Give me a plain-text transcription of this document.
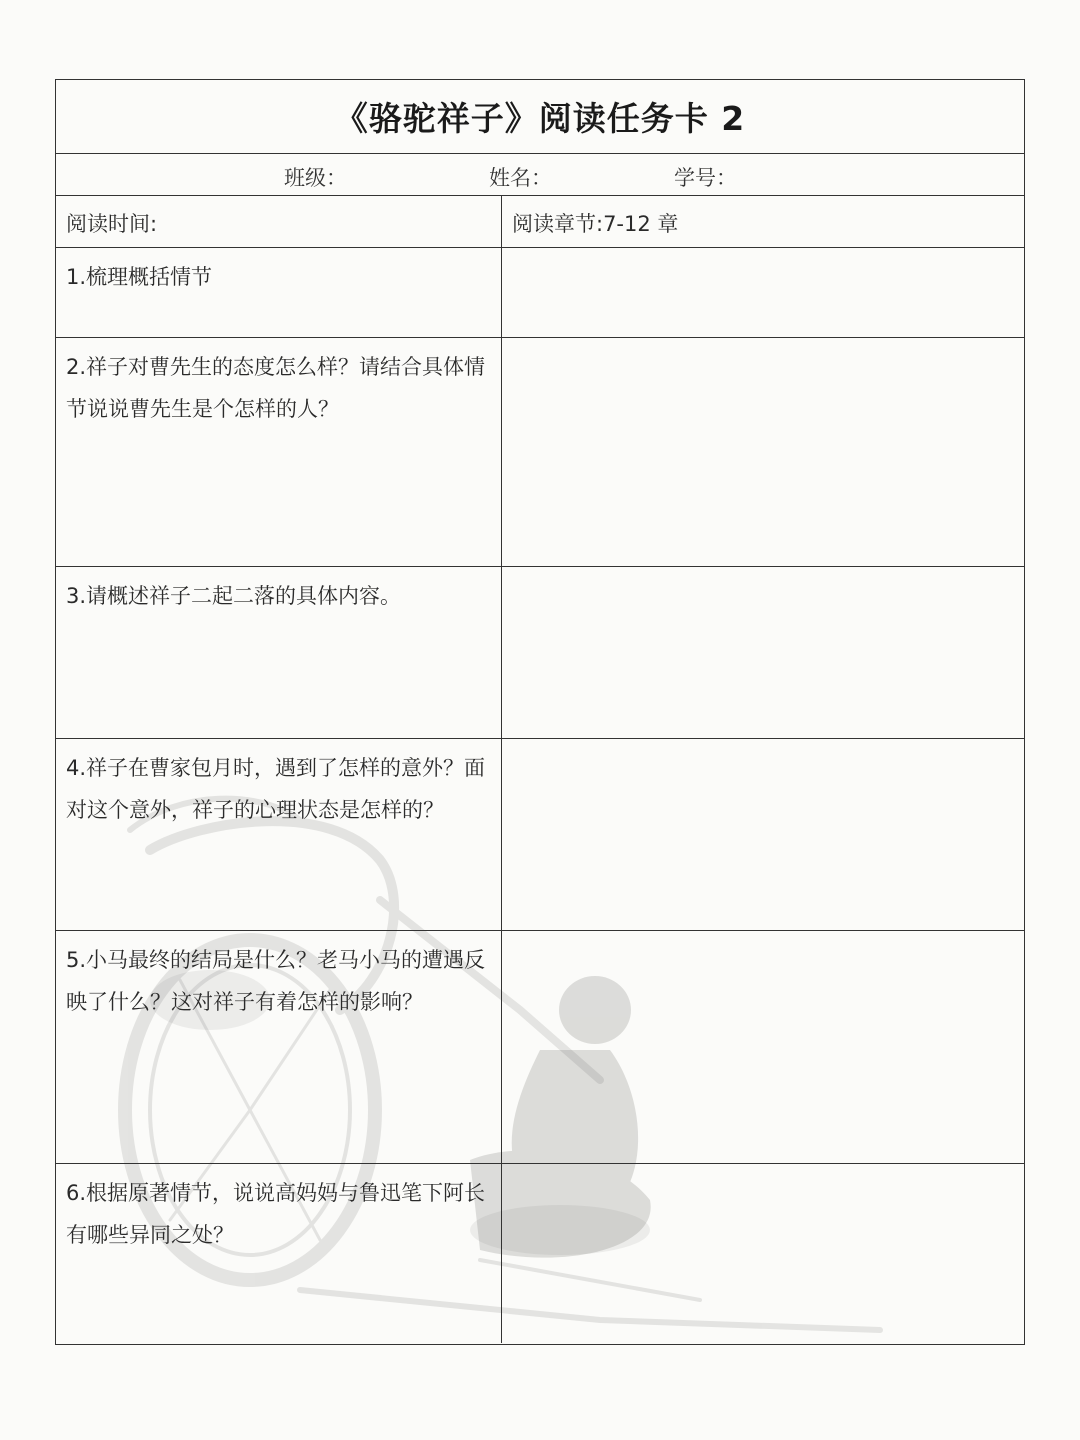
《骆驼祥子》阅读任务卡 2
班级：	姓名：	学号：
阅读时间:	阅读章节:7-12 章
1.梳理概括情节
2.祥子对曹先生的态度怎么样？请结合具体情节说说曹先生是个怎样的人？
3.请概述祥子二起二落的具体内容。
4.祥子在曹家包月时，遇到了怎样的意外？面对这个意外，祥子的心理状态是怎样的？
5.小马最终的结局是什么？老马小马的遭遇反映了什么？这对祥子有着怎样的影响？
6.根据原著情节，说说高妈妈与鲁迅笔下阿长有哪些异同之处？
